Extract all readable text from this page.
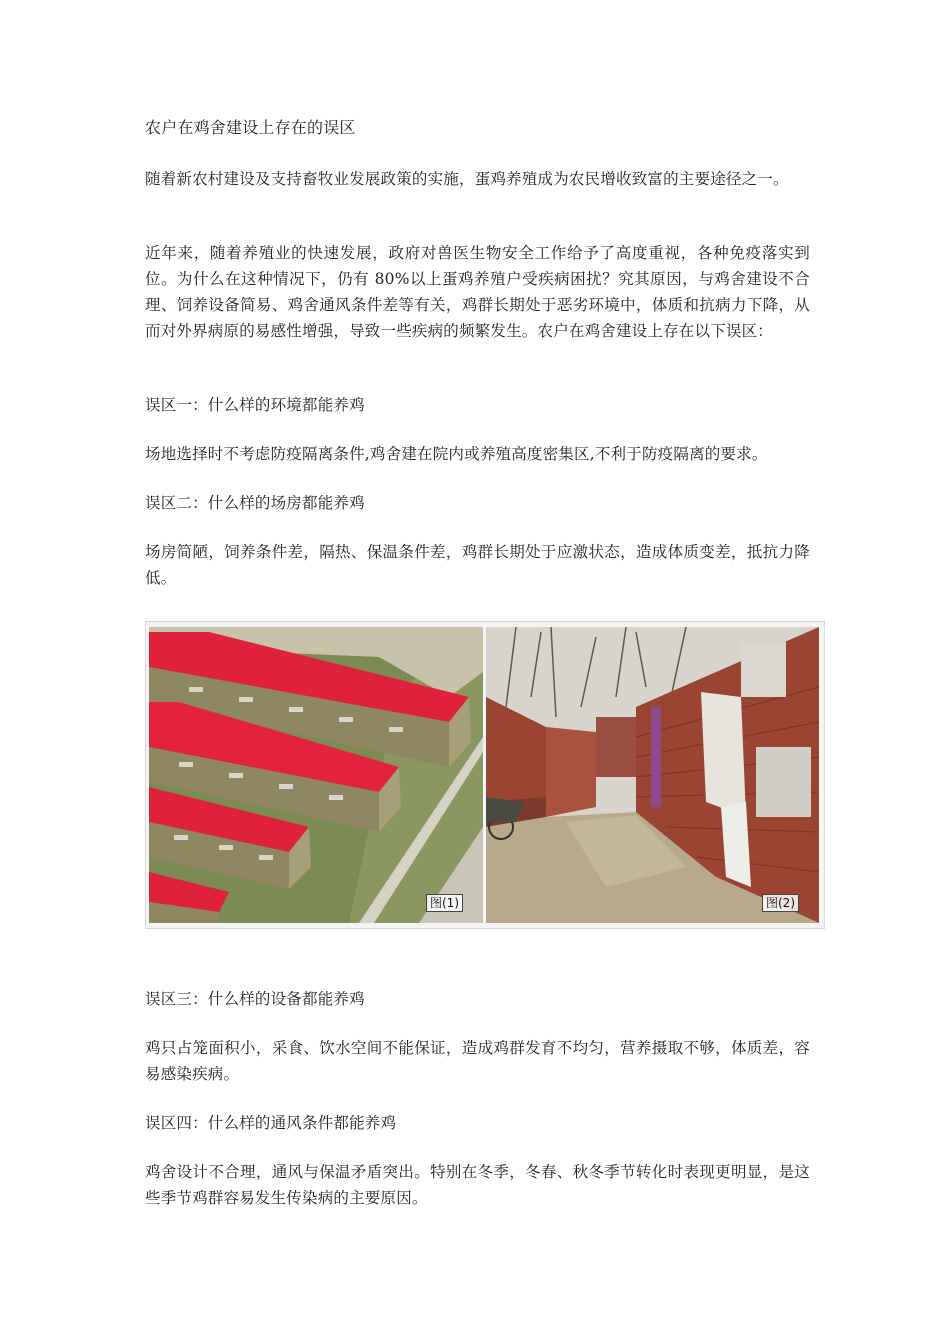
农户在鸡舍建设上存在的误区

随着新农村建设及支持畜牧业发展政策的实施，蛋鸡养殖成为农民增收致富的主要途径之一。

近年来，随着养殖业的快速发展，政府对兽医生物安全工作给予了高度重视，各种免疫落实到位。为什么在这种情况下，仍有 80%以上蛋鸡养殖户受疾病困扰？究其原因，与鸡舍建设不合理、饲养设备简易、鸡舍通风条件差等有关，鸡群长期处于恶劣环境中，体质和抗病力下降，从而对外界病原的易感性增强，导致一些疾病的频繁发生。农户在鸡舍建设上存在以下误区：

误区一：什么样的环境都能养鸡

场地选择时不考虑防疫隔离条件,鸡舍建在院内或养殖高度密集区,不利于防疫隔离的要求。

误区二：什么样的场房都能养鸡

场房简陋，饲养条件差，隔热、保温条件差，鸡群长期处于应激状态，造成体质变差，抵抗力降低。

图(1)	图(2)

误区三：什么样的设备都能养鸡

鸡只占笼面积小，采食、饮水空间不能保证，造成鸡群发育不均匀，营养摄取不够，体质差，容易感染疾病。

误区四：什么样的通风条件都能养鸡

鸡舍设计不合理，通风与保温矛盾突出。特别在冬季，冬春、秋冬季节转化时表现更明显，是这些季节鸡群容易发生传染病的主要原因。
